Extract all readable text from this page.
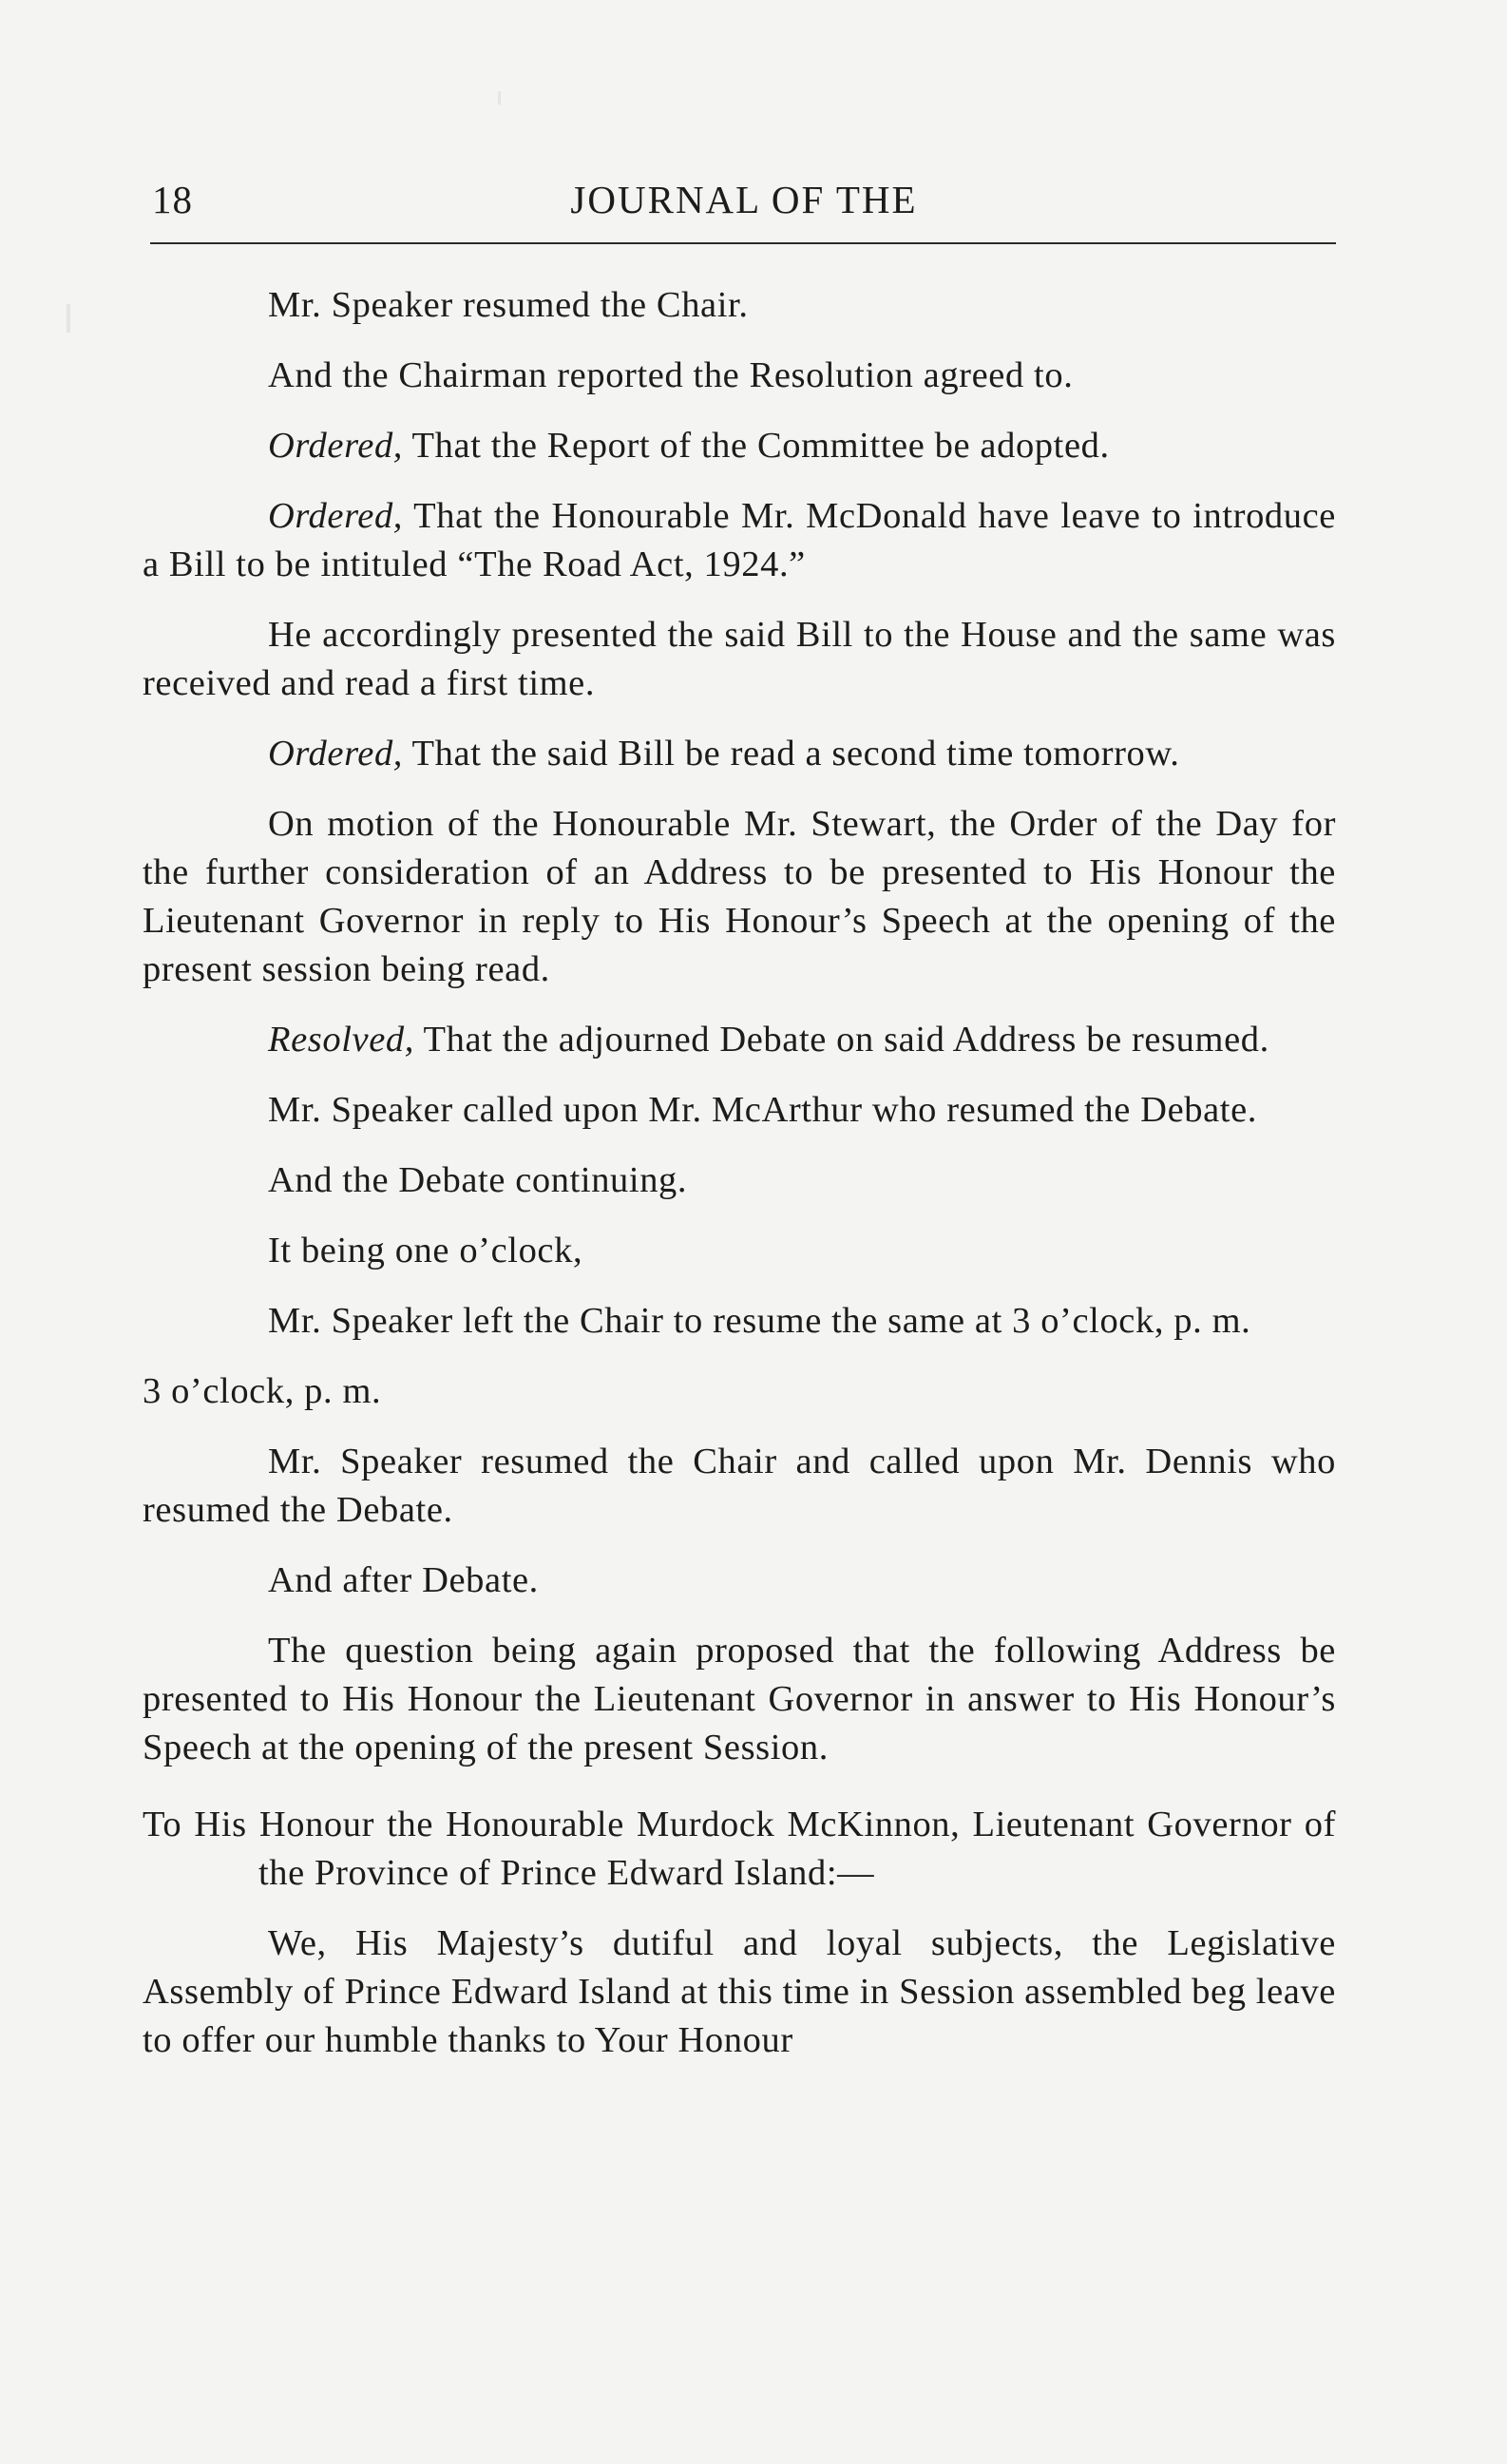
18	JOURNAL OF THE

Mr. Speaker resumed the Chair.

And the Chairman reported the Resolution agreed to.

Ordered, That the Report of the Committee be adopted.

Ordered, That the Honourable Mr. McDonald have leave to introduce a Bill to be intituled “The Road Act, 1924.”

He accordingly presented the said Bill to the House and the same was received and read a first time.

Ordered, That the said Bill be read a second time tomorrow.

On motion of the Honourable Mr. Stewart, the Order of the Day for the further consideration of an Address to be presented to His Honour the Lieutenant Governor in reply to His Honour’s Speech at the opening of the present session being read.

Resolved, That the adjourned Debate on said Address be resumed.

Mr. Speaker called upon Mr. McArthur who resumed the Debate.

And the Debate continuing.

It being one o’clock,

Mr. Speaker left the Chair to resume the same at 3 o’clock, p. m.

3 o’clock, p. m.

Mr. Speaker resumed the Chair and called upon Mr. Dennis who resumed the Debate.

And after Debate.

The question being again proposed that the following Address be presented to His Honour the Lieutenant Governor in answer to His Honour’s Speech at the opening of the present Session.

To His Honour the Honourable Murdock McKinnon, Lieutenant Governor of the Province of Prince Edward Island:—

We, His Majesty’s dutiful and loyal subjects, the Legislative Assembly of Prince Edward Island at this time in Session assembled beg leave to offer our humble thanks to Your Honour
